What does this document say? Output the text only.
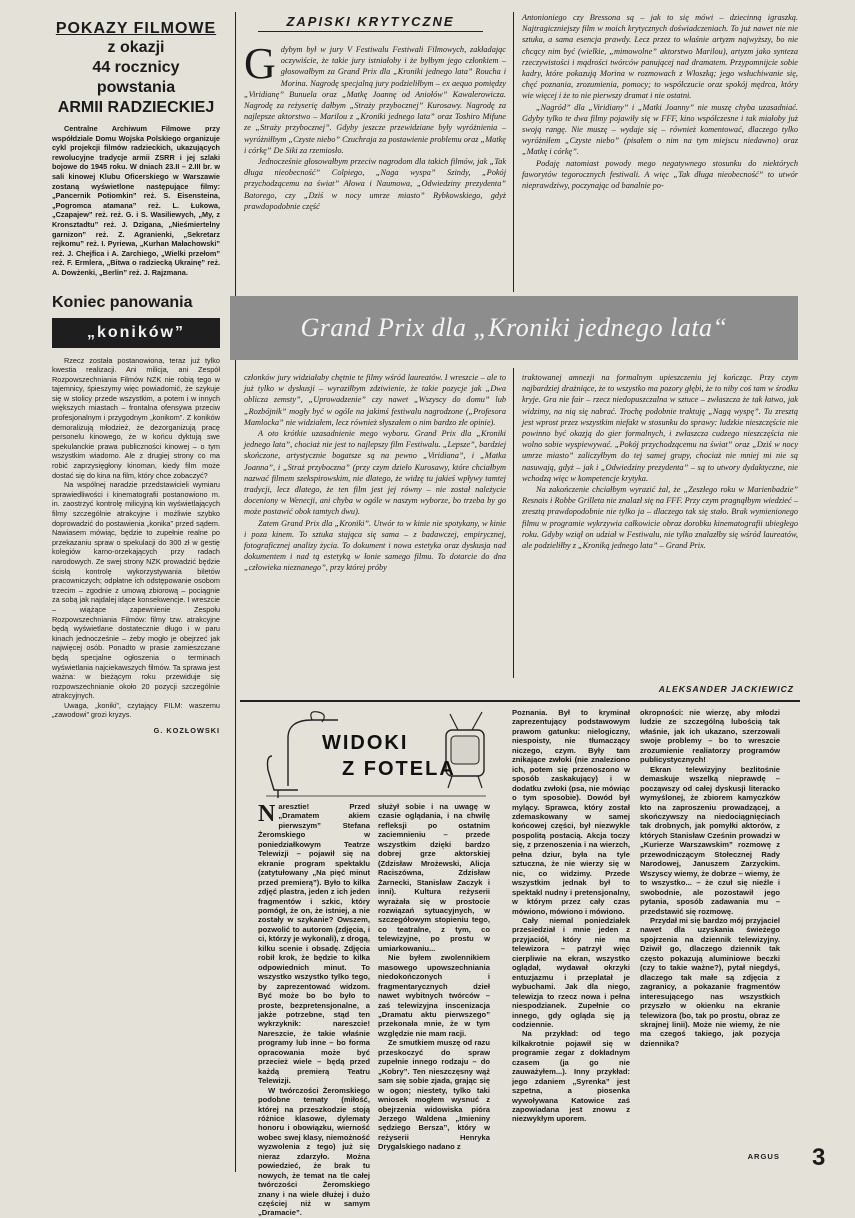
POKAZY FILMOWE
z okazji
44 rocznicy powstania
ARMII RADZIECKIEJ

Centralne Archiwum Filmowe przy współdziale Domu Wojska Polskiego organizuje cykl projekcji filmów radzieckich, ukazujących rewolucyjne tradycje armii ZSRR i jej szlaki bojowe do 1945 roku. W dniach 23.II – 2.III br. w sali kinowej Klubu Oficerskiego w Warszawie zostaną wyświetlone następujące filmy: „Pancernik Potiomkin” reż. S. Eisensteina, „Pogromca atamana” reż. L. Łukowa, „Czapajew” reż. reż. G. i S. Wasiliewych, „My, z Kronsztadtu” reż. J. Dzigana, „Nieśmiertelny garnizon” reż. Z. Agranienki, „Sekretarz rejkomu” reż. I. Pyriewa, „Kurhan Małachowski” reż. J. Chejfica i A. Zarchiego, „Wielki przełom” reż. F. Ermlera, „Bitwa o radziecką Ukrainę” reż. A. Dowżenki, „Berlin” reż. J. Rajzmana.

Koniec panowania
„koników”

Rzecz została postanowiona, teraz już tylko kwestia realizacji. Ani milicja, ani Zespół Rozpowszechniania Filmów NZK nie robią tego w tajemnicy, śpieszymy więc powiadomić, że szykuje się w stolicy przede wszystkim, a potem i w innych większych miastach – frontalna ofensywa przeciw profesjonalnym i przygodnym „konikom”. Z koników demoralizują młodzież, że dezorganizują pracę personelu kinowego, że w końcu dyktują swe spekulanckie prawa publiczności kinowej – o tym wszystkim wiadomo. Ale z drugiej strony co ma robić zaprzysięgłony kinoman, kiedy film może dostać się do kina na film, który chce zobaczyć?

Na wspólnej naradzie przedstawicieli wymiaru sprawiedliwości i kinematografii postanowiono m. in. zaostrzyć kontrolę milicyjną kin wyświetlających filmy szczególnie atrakcyjne i możliwie szybko doprowadzić do postawienia „konika” przed sądem. Nawiasem mówiąc, będzie to zupełnie realne po przekazaniu spraw o spekulacji do 300 zł w gestię kolegiów karno-orzekających przy radach narodowych. Ze swej strony NZK prowadzić będzie ścisłą kontrolę wykorzystywania biletów pracowniczych; odpłatne ich odstępowanie osobom trzecim – zgodnie z umową zbiorową – pociągnie za sobą jak najdalej idące konsekwencje. I wreszcie – wiążące zapewnienie Zespołu Rozpowszechniania Filmów: filmy tzw. atrakcyjne będą wyświetlane dostatecznie długo i w paru kinach jednocześnie – żeby mogło je obejrzeć jak najwięcej osób. Ponadto w prasie zamieszczane będą specjalne ogłoszenia o terminach wyświetlania najciekawszych filmów. Ta sprawa jest ważna: w bieżącym roku przewiduje się rozpowszechnianie około 20 pozycji szczególnie atrakcyjnych.

Uwaga, „koniki”, czytający FILM: waszemu „zawodowi” grozi kryzys.

G. KOZŁOWSKI
ZAPISKI KRYTYCZNE

Gdybym był w jury V Festiwalu Festiwali Filmowych, zakładając oczywiście, że takie jury istniałoby i że byłbym jego członkiem – głosowałbym za Grand Prix dla „Kroniki jednego lata” Roucha i Morina. Nagrodę specjalną jury podzieliłbym – ex aequo pomiędzy „Viridianę” Bunuela oraz „Matkę Joannę od Aniołów” Kawalerowicza. Nagrodę za reżyserię dałbym „Straży przybocznej” Kurosawy. Nagrodę za najlepsze aktorstwo – Marilou z „Kroniki jednego lata” oraz Toshiro Mifune ze „Straży przybocznej”. Gdyby jeszcze przewidziane były wyróżnienia – wyróżniłbym „Czyste niebo” Czuchraja za postawienie problemu oraz „Matkę i córkę” De Siki za rzemiosło.

Jednocześnie głosowałbym przeciw nagrodom dla takich filmów, jak „Tak długa nieobecność” Colpiego, „Naga wyspa” Szindy, „Pokój przychodzącemu na świat” Ałowa i Naumowa, „Odwiedziny prezydenta” Batorego, czy „Dziś w nocy umrze miasto” Rybkowskiego, gdyż prawdopodobnie część

Antonioniego czy Bressona są – jak to się mówi – dziecinną igraszką. Najtragiczniejszy film w moich krytycznych doświadczeniach. To już nawet nie nie sztuka, a sama esencja prawdy. Lecz przez to właśnie artyzm najwyższy, bo nie chcący nim być (wielkie, „mimowolne” aktorstwo Marilou), artyzm jako synteza rzeczywistości i mądrości twórców panującej nad dramatem. Przypomnijcie sobie kadry, które pokazują Morina w rozmowach z Włoszką; jego wsłuchiwanie się, chęć poznania, zrozumienia, pomocy; to współczucie oraz spokój mędrca, który wie więcej i że to nie pierwszy dramat i nie ostatni.

„Nagród” dla „Viridiany” i „Matki Joanny” nie muszę chyba uzasadniać. Gdyby tylko te dwa filmy pojawiły się w FFF, kino współczesne i tak miałoby już swoją rangę. Nie muszę – wydaje się – również komentować, dlaczego tylko wyróżniłem „Czyste niebo” (pisałem o nim na tym miejscu niedawno) oraz „Matkę i córkę”.

Podaję natomiast powody mego negatywnego stosunku do niektórych faworytów tegorocznych festiwali. A więc „Tak długa nieobecność” to utwór nieprawdziwy, poczynając od banalnie po-

Grand Prix dla „Kroniki jednego lata“

członków jury widziałaby chętnie te filmy wśród laureatów. I wreszcie – ale to już tylko w dyskusji – wyraziłbym zdziwienie, że takie pozycje jak „Dwa oblicza zemsty”, „Uprowadzenie” czy nawet „Wszyscy do domu” lub „Rozbójnik” mogły być w ogóle na jakimś festiwalu nagrodzone („Profesora Mamlocka” nie widziałem, lecz również słyszałem o nim bardzo złe opinie).

A oto krótkie uzasadnienie mego wyboru. Grand Prix dla „Kroniki jednego lata”, chociaż nie jest to najlepszy film Festiwalu. „Lepsze”, bardziej skończone, artystycznie bogatsze są na pewno „Viridiana”, i „Matka Joanna”, i „Straż przyboczna” (przy czym dzieło Kurosawy, które chciałbym nazwać filmem szekspirowskim, nie dlatego, że widzę tu jakieś wpływy tamtej tradycji, lecz dlatego, że ten film jest jej równy – nie został należycie doceniony w Wenecji, ani chyba w ogóle w naszym wyborze, bo trzeba by go może postawić obok tamtych dwu).

Zatem Grand Prix dla „Kroniki”. Utwór to w kinie nie spotykany, w kinie i poza kinem. To sztuka stająca się sama – z badawczej, empirycznej, fotograficznej analizy życia. To dokument i nowa estetyka oraz dyskusja nad dokumentem i nad tą estetyką w łonie samego filmu. To dotarcie do dna „człowieka nieznanego”, przy której próby

traktowanej amnezji na formalnym upieszczeniu jej kończąc. Przy czym najbardziej drażniące, że to wszystko ma pozory głębi, że to niby coś tam w środku kryje. Gra nie fair – rzecz niedopuszczalna w sztuce – zwłaszcza że tak łatwo, jak widzimy, na nią się nabrać. Trochę podobnie traktuję „Nagą wyspę”. Tu zresztą jest wprost przez wszystkim niefakt w stosunku do sprawy: ludzkie nieszczęście nie powinno być okazją do gier formalnych, i zwłaszcza cudzego nieszczęścia nie wolno sobie wyspiewywać. „Pokój przychodzącemu na świat” oraz „Dziś w nocy umrze miasto” zaliczyłbym do tej samej grupy, chociaż nie mniej mi nie są nasuwają, gdyż – jak i „Odwiedziny prezydenta” – są to utwory dydaktyczne, nie wchodzą więc w kompetencje krytyka.

Na zakończenie chciałbym wyrazić żal, że „Zeszłego roku w Marienbadzie” Resnais i Robbe Grilleta nie znalazł się na FFF. Przy czym pragnąłbym wiedzieć – zresztą prawdopodobnie nie tylko ja – dlaczego tak się stało. Brak wymienionego filmu w programie wykrzywia całkowicie obraz dorobku kinematografii ubiegłego roku. Gdyby wziął on udział w Festiwalu, nie tylko znalazłby się wśród laureatów, ale podzieliłby z „Kroniką jednego lata” – Grand Prix.

ALEKSANDER JACKIEWICZ
WIDOKI
Z FOTELA

Naresztie! Przed „Dramatem akiem pierwszym” Stefana Żeromskiego w poniedziałkowym Teatrze Telewizji – pojawił się na ekranie program spektaklu (zatytułowany „Na pięć minut przed premierą”). Było to kilka zdjęć plastra, jeden z ich jeden fragmentów i szkic, który pomógł, że on, że istniej, a nie zostały w szykanie? Owszem, pozwolić to autorom (zdjęcia, i ci, którzy je wykonali), z drogą, kilku scenie i obsadę. Zdjęcia robił krok, że będzie to kilka odpowiednich minut. To wszystko wszystko tylko tego, by zaprezentować widzom. Być może bo bo było to proste, bezpretensjonalne, a jakże potrzebne, stąd ten wykrzyknik: nareszcie! Nareszcie, że takie właśnie programy lub inne – bo forma opracowania może być przecież wiele – będą przed każdą premierą Teatru Telewizji.

W twórczości Żeromskiego podobne tematy (miłość, której na przeszkodzie stoją różnice klasowe, dylematy honoru i obowiązku, wierność wobec swej klasy, niemożność wyzwolenia z tego) już się nieraz zdarzyło. Można powiedzieć, że brak tu nowych, że temat na tle całej twórczości Żeromskiego znany i na wiele dłużej i dużo częściej niż w samym „Dramacie”.

służył sobie i na uwagę w czasie oglądania, i na chwilę refleksji po ostatnim zaciemnieniu – przede wszystkim dzięki bardzo dobrej grze aktorskiej (Zdzisław Mrożewski, Alicja Raciszówna, Zdzisław Żarnecki, Stanisław Zaczyk i inni). Kultura reżyserii wyrażała się w prostocie rozwiązań sytuacyjnych, w szczegółowym stopieniu tego, co teatralne, z tym, co telewizyjne, po prostu w umiarkowaniu...

Nie byłem zwolennikiem masowego upowszechniania niedokończonych i fragmentarycznych dzieł nawet wybitnych twórców – zaś telewizyjna inscenizacja „Dramatu aktu pierwszego” przekonała mnie, że w tym względzie nie mam racji.

Ze smutkiem muszę od razu przeskoczyć do spraw zupełnie innego rodzaju – do „Kobry”. Ten nieszczęsny wąż sam się sobie zjada, grając się w ogon; niestety, tylko taki wniosek mogłem wysnuć z obejrzenia widowiska pióra Jerzego Waldena „Imieniny sędziego Bersza”, który w reżyserii Henryka Drygalskiego nadano z

Poznania. Był to kryminał zaprezentujący podstawowym prawom gatunku: nielogiczny, niespoisty, nie tłumaczący niczego, czym. Były tam znikające zwłoki (nie znaleziono ich, potem się przenoszono w sposób zaskakujący) i w dodatku zwłoki (psa, nie mówiąc o tym sposobie). Dowód był mylący. Sprawca, który został zdemaskowany w samej końcowej części, był niezwykle pospolitą postacią. Akcja toczy się, z przenoszenia i na wierzch, pełna dziur, była na tyle sztuczna, że nie wierzy się w nic, co widzimy. Przede wszystkim jednak był to spektakl nudny i pretensjonalny, w którym przez cały czas mówiono, mówiono i mówiono.

Cały niemal poniedziałek przesiedział i mnie jeden z przyjaciół, który nie ma telewizora – patrzył więc cierpliwie na ekran, wszystko oglądał, wydawał okrzyki entuzjazmu i przeplatał je wybuchami. Jak dla niego, telewizja to rzecz nowa i pełna niespodzianek. Zupełnie co innego, gdy ogląda się ją codziennie.

Na przykład: od tego kilkakrotnie pojawił się w programie zegar z dokładnym czasem (ja go nie zauważyłem...). Inny przykład: jego zdaniem „Syrenka” jest szpetna, a piosenka wywoływana Katowice zaś zapowiadana jest znowu z niezwykłym uporem.

okropności: nie wierzę, aby młodzi ludzie ze szczególną lubością tak właśnie, jak ich ukazano, szerzowali swoje problemy – bo to wreszcie zrozumienie realiatorzy programów publicystycznych!

Ekran telewizyjny bezlitośnie demaskuje wszelką nieprawdę – począwszy od całej dyskusji literacko wymyślonej, że zbiorem kamyczków kto na zaproszeniu prowadzącej, a skończywszy na niedociągnięciach tak drobnych, jak pomyłki aktorów, z których Stanisław Cześnin prowadzi w „Kurierze Warszawskim” rozmowę z przewodniczącym Stołecznej Rady Narodowej, Januszem Zarzyckim. Wszyscy wiemy, że dobrze – wiemy, że to wszystko... – że czuł się nieźle i swobodnie, ale pozostawił jego pytania, sposób zadawania mu – przedstawić się rozmowę.

Przydał mi się bardzo mój przyjaciel nawet dla uzyskania świeżego spojrzenia na dziennik telewizyjny. Dziwił go, dlaczego dziennik tak często pokazują aluminiowe beczki (czy to takie ważne?), pytał niegdyś, dlaczego tak małe są zdjęcia z zagranicy, a pokazanie fragmentów interesującego nas wszystkich przyszło w okienku na ekranie telewizora (bo, tak po prostu, obraz ze skrajnej linii). Może nie wiemy, że nie ma czegoś takiego, jak pozycja dziennika?

ARGUS 3
